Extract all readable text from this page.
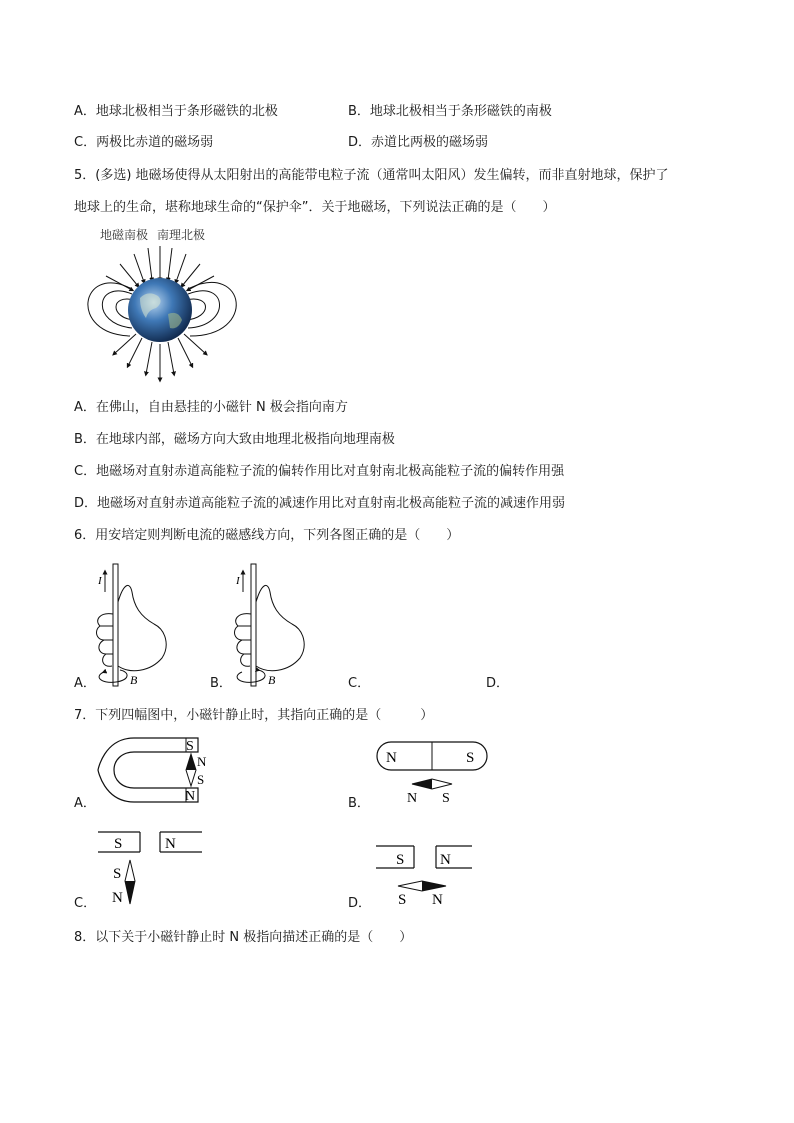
A．地球北极相当于条形磁铁的北极	B．地球北极相当于条形磁铁的南极
C．两极比赤道的磁场弱	D．赤道比两极的磁场弱
5．(多选) 地磁场使得从太阳射出的高能带电粒子流（通常叫太阳风）发生偏转，而非直射地球，保护了
地球上的生命，堪称地球生命的“保护伞”．关于地磁场，下列说法正确的是（　　）
地磁南极 南理北极
A．在佛山，自由悬挂的小磁针 N 极会指向南方
B．在地球内部，磁场方向大致由地理北极指向地理南极
C．地磁场对直射赤道高能粒子流的偏转作用比对直射南北极高能粒子流的偏转作用强
D．地磁场对直射赤道高能粒子流的减速作用比对直射南北极高能粒子流的减速作用弱
6．用安培定则判断电流的磁感线方向，下列各图正确的是（　　）
I
B
A．
I
B
B．	C．	D．
7．下列四幅图中，小磁针静止时，其指向正确的是（　　　）
S
N
N
S
A．
N	S
N S
B．
S	N
S
N
C．
S N
S N
D．
8．以下关于小磁针静止时 N 极指向描述正确的是（　　）
